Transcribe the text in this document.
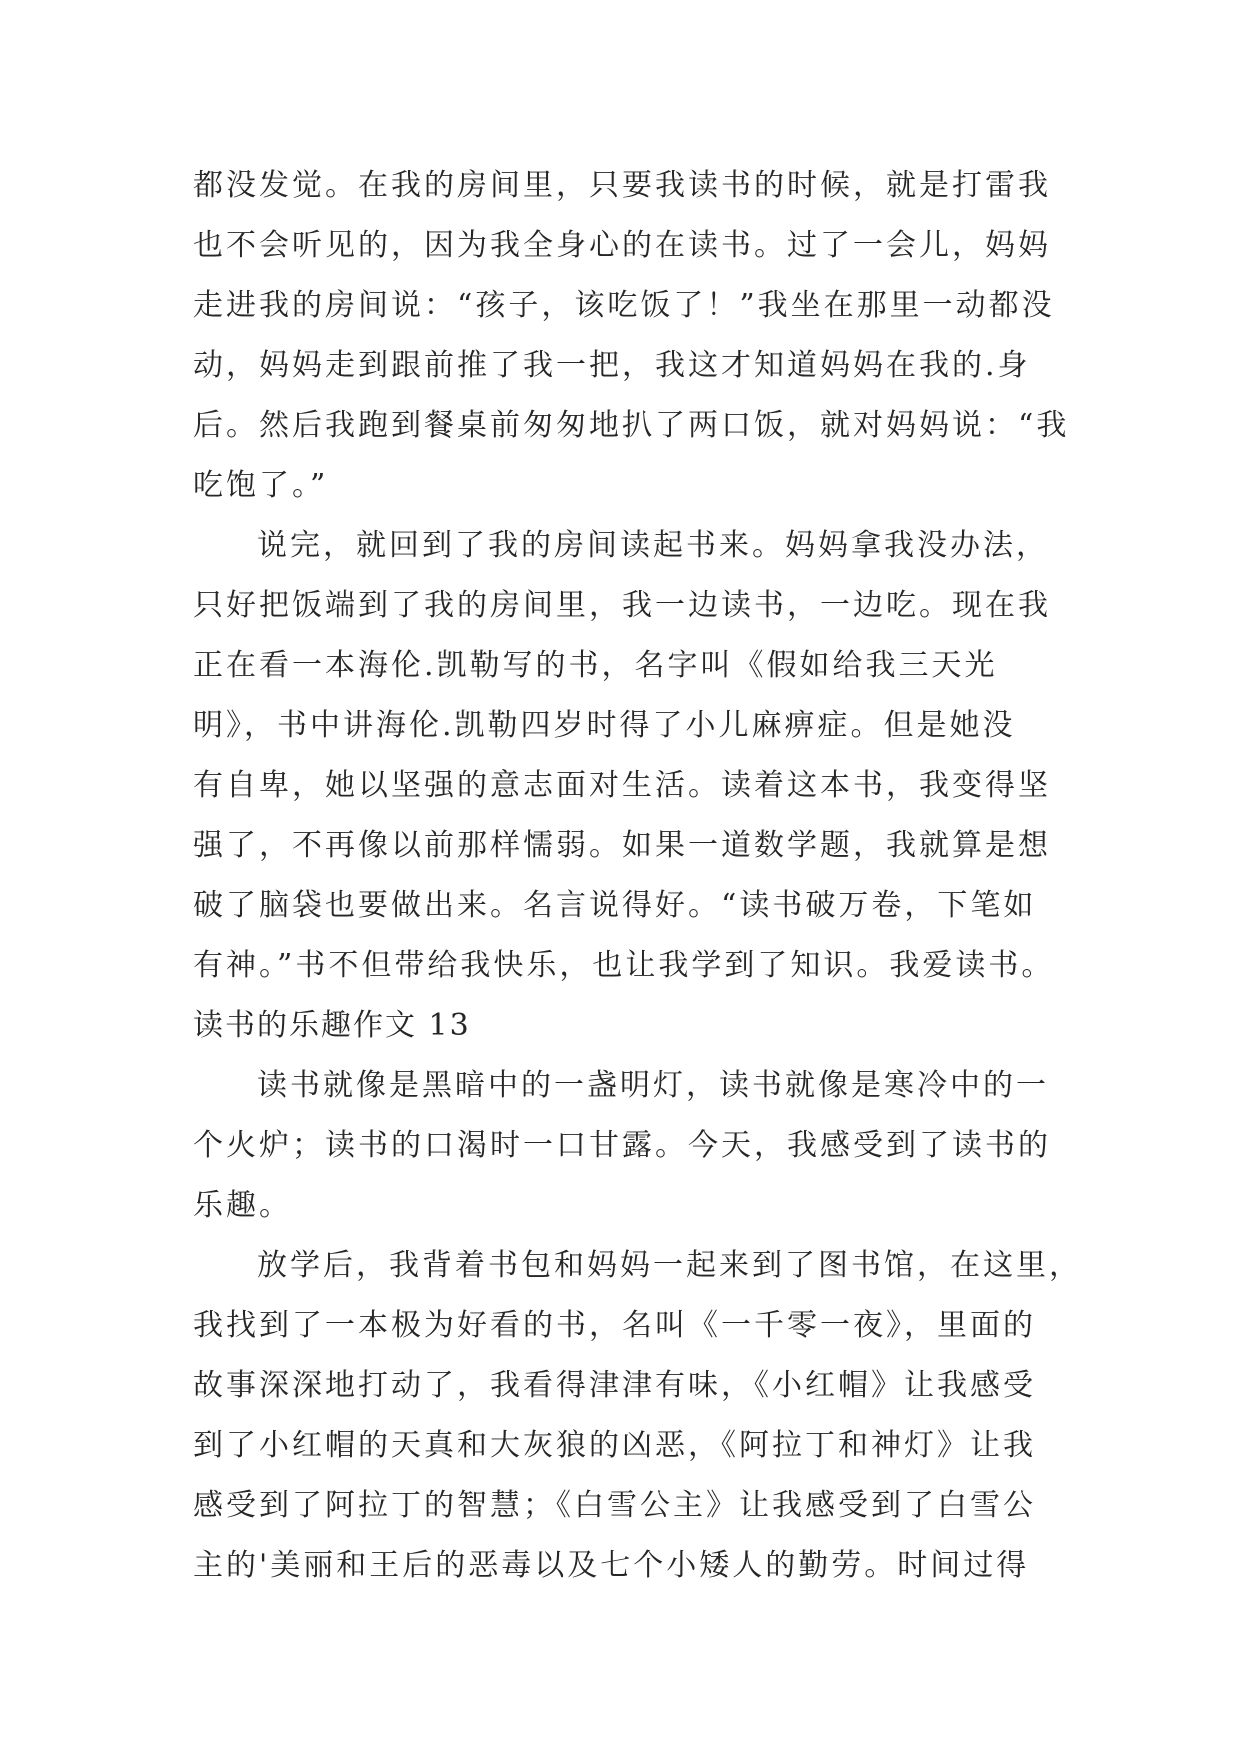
都没发觉。在我的房间里，只要我读书的时候，就是打雷我
也不会听见的，因为我全身心的在读书。过了一会儿，妈妈
走进我的房间说：“孩子，该吃饭了！”我坐在那里一动都没
动，妈妈走到跟前推了我一把，我这才知道妈妈在我的.身
后。然后我跑到餐桌前匆匆地扒了两口饭，就对妈妈说：“我
吃饱了。”
说完，就回到了我的房间读起书来。妈妈拿我没办法，
只好把饭端到了我的房间里，我一边读书，一边吃。现在我
正在看一本海伦.凯勒写的书，名字叫《假如给我三天光
明》，书中讲海伦.凯勒四岁时得了小儿麻痹症。但是她没
有自卑，她以坚强的意志面对生活。读着这本书，我变得坚
强了，不再像以前那样懦弱。如果一道数学题，我就算是想
破了脑袋也要做出来。名言说得好。“读书破万卷，下笔如
有神。”书不但带给我快乐，也让我学到了知识。我爱读书。
读书的乐趣作文 13
读书就像是黑暗中的一盏明灯，读书就像是寒冷中的一
个火炉；读书的口渴时一口甘露。今天，我感受到了读书的
乐趣。
放学后，我背着书包和妈妈一起来到了图书馆，在这里，
我找到了一本极为好看的书，名叫《一千零一夜》，里面的
故事深深地打动了，我看得津津有味，《小红帽》让我感受
到了小红帽的天真和大灰狼的凶恶，《阿拉丁和神灯》让我
感受到了阿拉丁的智慧；《白雪公主》让我感受到了白雪公
主的'美丽和王后的恶毒以及七个小矮人的勤劳。时间过得
